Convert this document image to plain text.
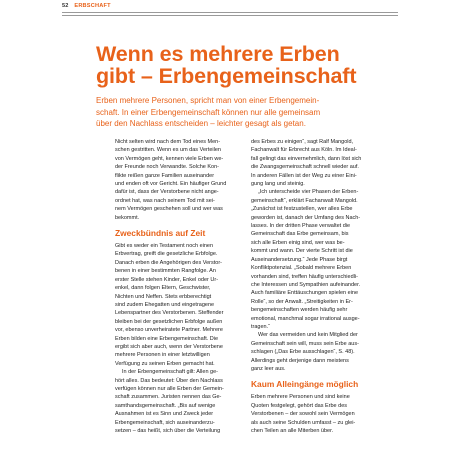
52 ERBSCHAFT
Wenn es mehrere Erben
gibt – Erbengemeinschaft

Erben mehrere Personen, spricht man von einer Erbengemein-
schaft. In einer Erbengemeinschaft können nur alle gemeinsam
über den Nachlass entscheiden – leichter gesagt als getan.

Nicht selten wird nach dem Tod eines Men-
schen gestritten. Wenn es um das Verteilen
von Vermögen geht, kennen viele Erben we-
der Freunde noch Verwandte. Solche Kon-
flikte reißen ganze Familien auseinander
und enden oft vor Gericht. Ein häufiger Grund
dafür ist, dass der Verstorbene nicht ange-
ordnet hat, was nach seinem Tod mit sei-
nem Vermögen geschehen soll und wer was
bekommt.
Zweckbündnis auf Zeit
Gibt es weder ein Testament noch einen
Erbvertrag, greift die gesetzliche Erbfolge.
Danach erben die Angehörigen des Verstor-
benen in einer bestimmten Rangfolge. An
erster Stelle stehen Kinder, Enkel oder Ur-
enkel, dann folgen Eltern, Geschwister,
Nichten und Neffen. Stets erbberechtigt
sind zudem Ehegatten und eingetragene
Lebenspartner des Verstorbenen. Steffender
bleiben bei der gesetzlichen Erbfolge außen
vor, ebenso unverheiratete Partner. Mehrere
Erben bilden eine Erbengemeinschaft. Die
ergibt sich aber auch, wenn der Verstorbene
mehrere Personen in einer letztwilligen
Verfügung zu seinen Erben gemacht hat.
In der Erbengemeinschaft gilt: Allen ge-
hört alles. Das bedeutet: Über den Nachlass
verfügen können nur alle Erben der Gemein-
schaft zusammen. Juristen nennen das Ge-
samthandsgemeinschaft. „Bis auf wenige
Ausnahmen ist es Sinn und Zweck jeder
Erbengemeinschaft, sich auseinanderzu-
setzen – das heißt, sich über die Verteilung
des Erbes zu einigen“, sagt Ralf Mangold,
Fachanwalt für Erbrecht aus Köln. Im Ideal-
fall gelingt das einvernehmlich, dann löst sich
die Zwangsgemeinschaft schnell wieder auf.
In anderen Fällen ist der Weg zu einer Eini-
gung lang und steinig.
„Ich unterscheide vier Phasen der Erben-
gemeinschaft“, erklärt Fachanwalt Mangold.
„Zunächst ist festzustellen, wer alles Erbe
geworden ist, danach der Umfang des Nach-
lasses. In der dritten Phase verwaltet die
Gemeinschaft das Erbe gemeinsam, bis
sich alle Erben einig sind, wer was be-
kommt und wann. Der vierte Schritt ist die
Auseinandersetzung.“ Jede Phase birgt
Konfliktpotenzial. „Sobald mehrere Erben
vorhanden sind, treffen häufig unterschiedli-
che Interessen und Sympathien aufeinander.
Auch familiäre Enttäuschungen spielen eine
Rolle“, so der Anwalt. „Streitigkeiten in Er-
bengemeinschaften werden häufig sehr
emotional, manchmal sogar irrational ausge-
tragen.“
Wer das vermeiden und kein Mitglied der
Gemeinschaft sein will, muss sein Erbe aus-
schlagen („Das Erbe ausschlagen“, S. 48).
Allerdings geht derjenige dann meistens
ganz leer aus.
Kaum Alleingänge möglich
Erben mehrere Personen und sind keine
Quoten festgelegt, gehört das Erbe des
Verstorbenen – der sowohl sein Vermögen
als auch seine Schulden umfasst – zu glei-
chen Teilen an alle Miterben über.
